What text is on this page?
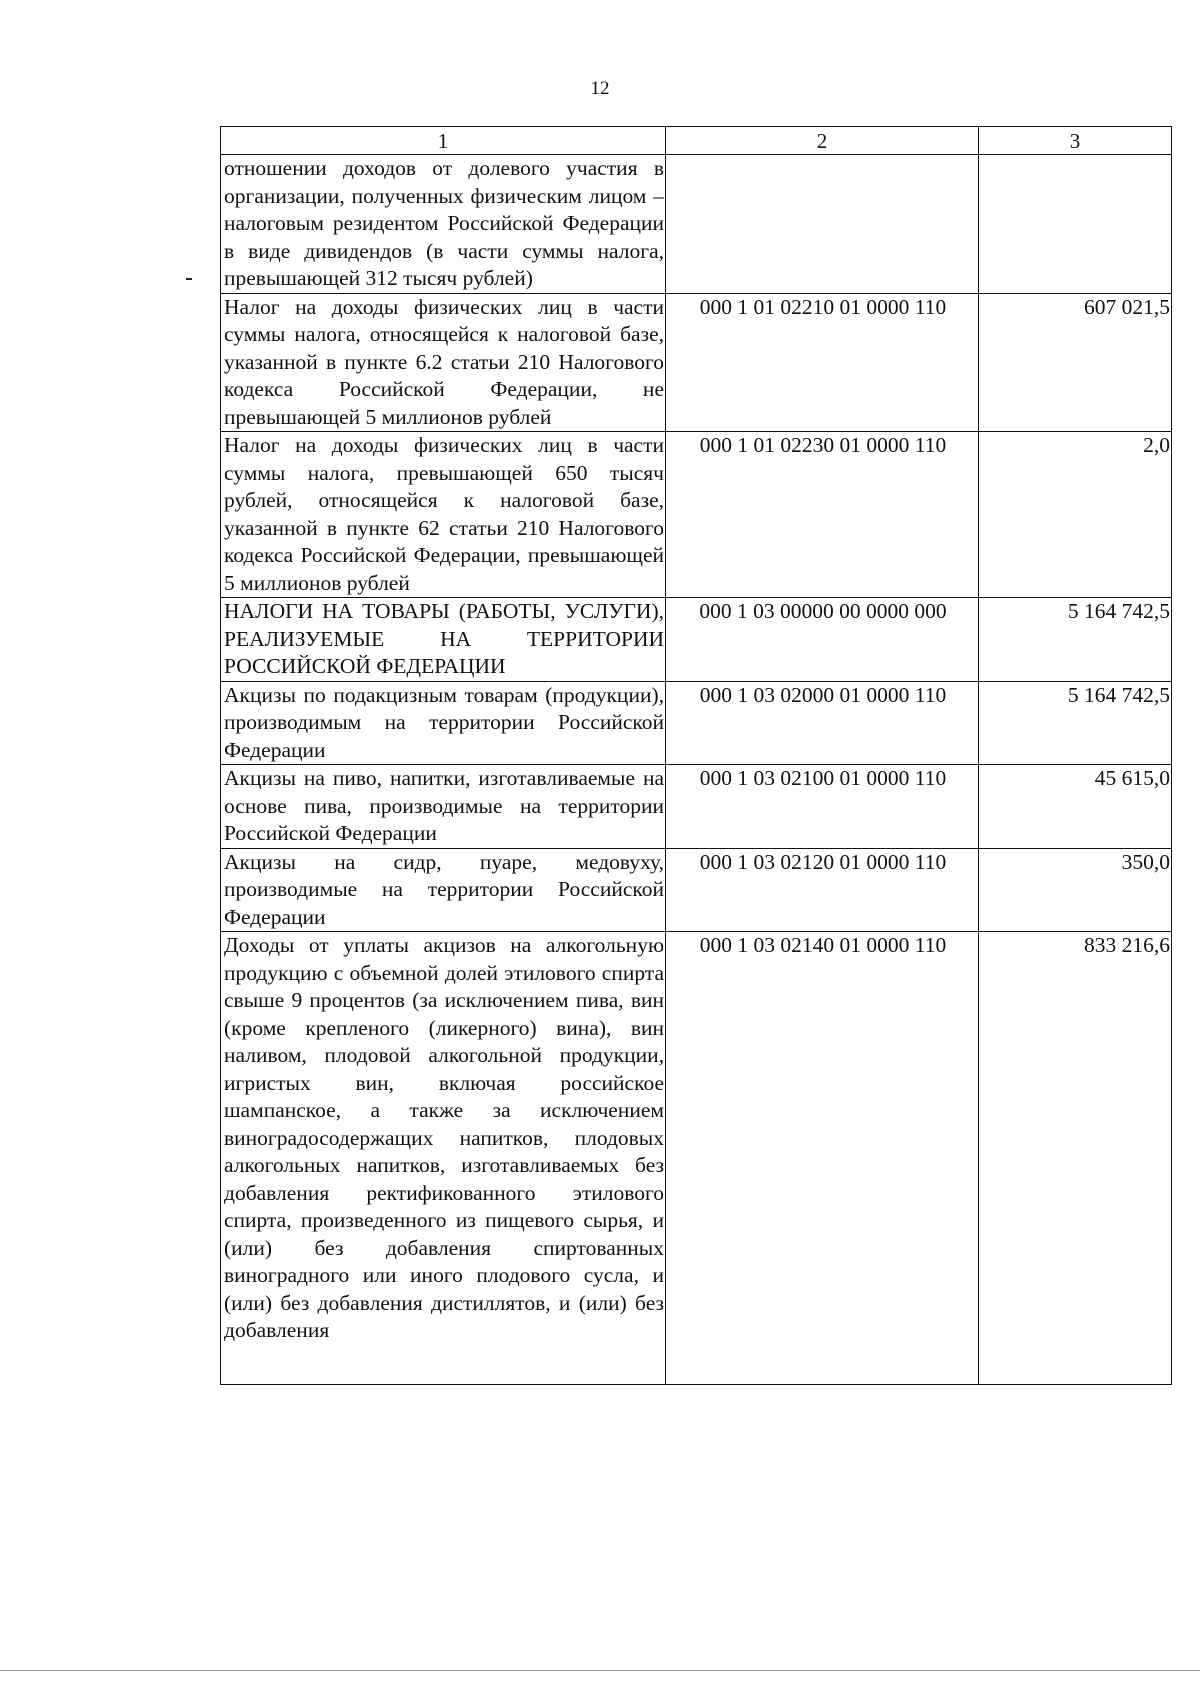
12
1	2	3
отношении доходов от долевого участия в организации, полученных физическим лицом – налоговым резидентом Российской Федерации в виде дивидендов (в части суммы налога, превышающей 312 тысяч рублей)		
Налог на доходы физических лиц в части суммы налога, относящейся к налоговой базе, указанной в пункте 6.2 статьи 210 Налогового кодекса Российской Федерации, не превышающей 5 миллионов рублей	000 1 01 02210 01 0000 110	607 021,5
Налог на доходы физических лиц в части суммы налога, превышающей 650 тысяч рублей, относящейся к налоговой базе, указанной в пункте 62 статьи 210 Налогового кодекса Российской Федерации, превышающей 5 миллионов рублей	000 1 01 02230 01 0000 110	2,0
НАЛОГИ НА ТОВАРЫ (РАБОТЫ, УСЛУГИ), РЕАЛИЗУЕМЫЕ НА ТЕРРИТОРИИ РОССИЙСКОЙ ФЕДЕРАЦИИ	000 1 03 00000 00 0000 000	5 164 742,5
Акцизы по подакцизным товарам (продукции), производимым на территории Российской Федерации	000 1 03 02000 01 0000 110	5 164 742,5
Акцизы на пиво, напитки, изготавливаемые на основе пива, производимые на территории Российской Федерации	000 1 03 02100 01 0000 110	45 615,0
Акцизы на сидр, пуаре, медовуху, производимые на территории Российской Федерации	000 1 03 02120 01 0000 110	350,0
Доходы от уплаты акцизов на алкогольную продукцию с объемной долей этилового спирта свыше 9 процентов (за исключением пива, вин (кроме крепленого (ликерного) вина), вин наливом, плодовой алкогольной продукции, игристых вин, включая российское шампанское, а также за исключением виноградосодержащих напитков, плодовых алкогольных напитков, изготавливаемых без добавления ректификованного этилового спирта, произведенного из пищевого сырья, и (или) без добавления спиртованных виноградного или иного плодового сусла, и (или) без добавления дистиллятов, и (или) без добавления	000 1 03 02140 01 0000 110	833 216,6
